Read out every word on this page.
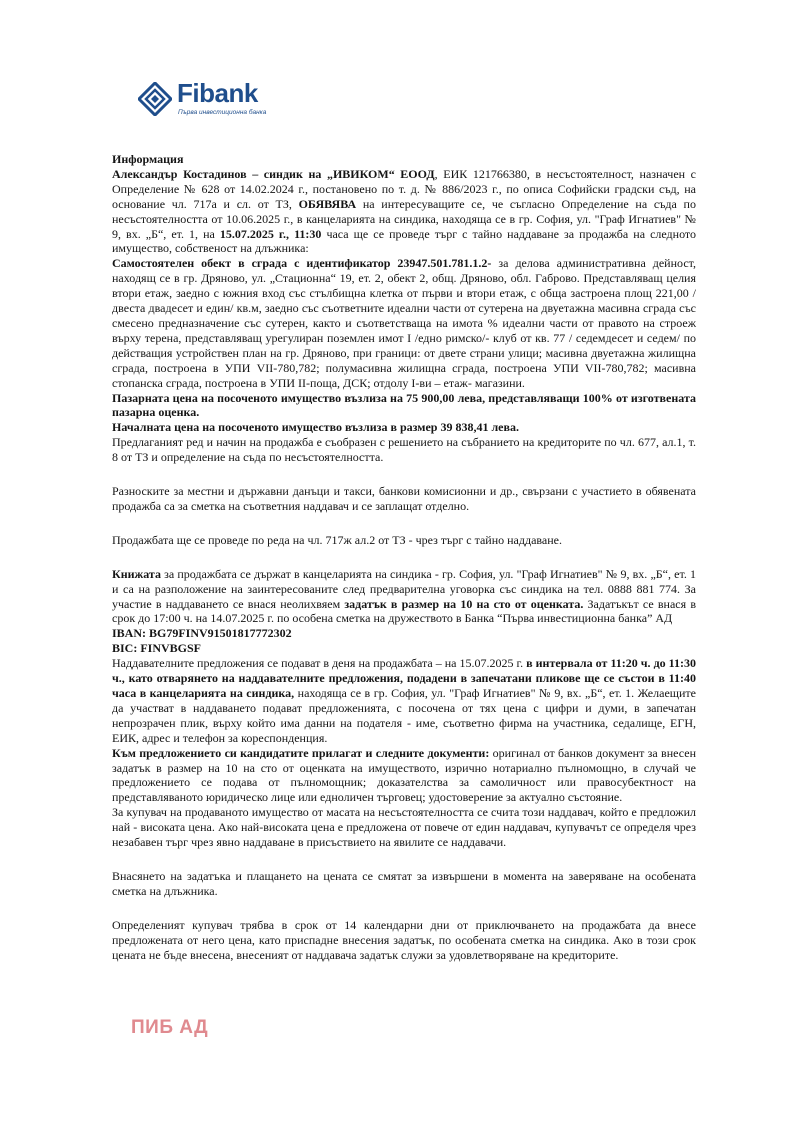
Fibank
Първа инвестиционна банка

Информация

Александър Костадинов – синдик на „ИВИКОМ“ ЕООД, ЕИК 121766380, в несъстоятелност, назначен с Определение № 628 от 14.02.2024 г., постановено по т. д. № 886/2023 г., по описа Софийски градски съд, на основание чл. 717а и сл. от ТЗ, ОБЯВЯВА на интересуващите се, че съгласно Определение на съда по несъстоятелността от 10.06.2025 г., в канцеларията на синдика, находяща се в гр. София, ул. "Граф Игнатиев" № 9, вх. „Б“, ет. 1, на 15.07.2025 г., 11:30 часа ще се проведе търг с тайно наддаване за продажба на следното имущество, собственост на длъжника:

Самостоятелен обект в сграда с идентификатор 23947.501.781.1.2- за делова административна дейност, находящ се в гр. Дряново, ул. „Стационна“ 19, ет. 2, обект 2, общ. Дряново, обл. Габрово. Представляващ целия втори етаж, заедно с южния вход със стълбищна клетка от първи и втори етаж, с обща застроена площ 221,00 / двеста двадесет и един/ кв.м, заедно със съответните идеални части от сутерена на двуетажна масивна сграда със смесено предназначение със сутерен, както и съответстваща на имота % идеални части от правото на строеж върху терена, представляващ урегулиран поземлен имот I /едно римско/- клуб от кв. 77 / седемдесет и седем/ по действащия устройствен план на гр. Дряново, при граници: от двете страни улици; масивна двуетажна жилищна сграда, построена в УПИ VII-780,782; полумасивна жилищна сграда, построена УПИ VII-780,782; масивна стопанска сграда, построена в УПИ II-поща, ДСК; отдолу I-ви – етаж- магазини.

Пазарната цена на посоченото имущество възлиза на 75 900,00 лева, представляващи 100% от изготвената пазарна оценка.

Началната цена на посоченото имущество възлиза в размер 39 838,41 лева.

Предлаганият ред и начин на продажба е съобразен с решението на събранието на кредиторите по чл. 677, ал.1, т. 8 от ТЗ и определение на съда по несъстоятелността.

Разноските за местни и държавни данъци и такси, банкови комисионни и др., свързани с участието в обявената продажба са за сметка на съответния наддавач и се заплащат отделно.

Продажбата ще се проведе по реда на чл. 717ж ал.2 от ТЗ - чрез търг с тайно наддаване.

Книжата за продажбата се държат в канцеларията на синдика - гр. София, ул. "Граф Игнатиев" № 9, вх. „Б“, ет. 1 и са на разположение на заинтересованите след предварителна уговорка със синдика на тел. 0888 881 774. За участие в наддаването се внася неолихвяем задатък в размер на 10 на сто от оценката. Задатъкът се внася в срок до 17:00 ч. на 14.07.2025 г. по особена сметка на дружеството в Банка “Първа инвестиционна банка” АД

IBAN: BG79FINV91501817772302

BIC: FINVBGSF

Наддавателните предложения се подават в деня на продажбата – на 15.07.2025 г. в интервала от 11:20 ч. до 11:30 ч., като отварянето на наддавателните предложения, подадени в запечатани пликове ще се състои в 11:40 часа в канцеларията на синдика, находяща се в гр. София, ул. "Граф Игнатиев" № 9, вх. „Б“, ет. 1. Желаещите да участват в наддаването подават предложенията, с посочена от тях цена с цифри и думи, в запечатан непрозрачен плик, върху който има данни на подателя - име, съответно фирма на участника, седалище, ЕГН, ЕИК, адрес и телефон за кореспонденция.

Към предложението си кандидатите прилагат и следните документи: оригинал от банков документ за внесен задатък в размер на 10 на сто от оценката на имуществото, изрично нотариално пълномощно, в случай че предложението се подава от пълномощник; доказателства за самоличност или правосубектност на представляваното юридическо лице или едноличен търговец; удостоверение за актуално състояние.

За купувач на продаваното имущество от масата на несъстоятелността се счита този наддавач, който е предложил най - високата цена. Ако най-високата цена е предложена от повече от един наддавач, купувачът се определя чрез незабавен търг чрез явно наддаване в присъствието на явилите се наддавачи.

Внасянето на задатъка и плащането на цената се смятат за извършени в момента на заверяване на особената сметка на длъжника.

Определеният купувач трябва в срок от 14 календарни дни от приключването на продажбата да внесе предложената от него цена, като приспадне внесения задатък, по особената сметка на синдика. Ако в този срок цената не бъде внесена, внесеният от наддавача задатък служи за удовлетворяване на кредиторите.

ПИБ АД
